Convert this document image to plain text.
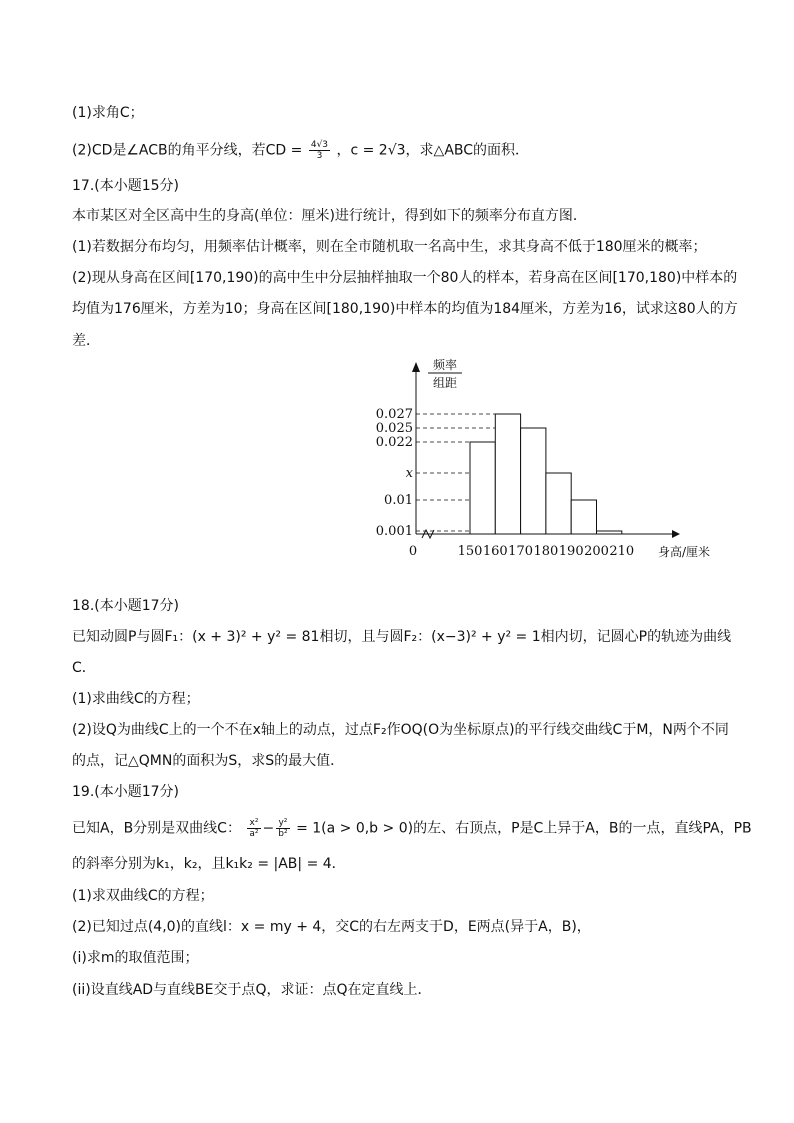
(1)求角C；
(2)CD是∠ACB的角平分线，若CD = $\frac{4√3}{3}$ ，c = 2√3，求△ABC的面积．
17.(本小题15分)
本市某区对全区高中生的身高(单位：厘米)进行统计，得到如下的频率分布直方图．
(1)若数据分布均匀，用频率估计概率，则在全市随机取一名高中生，求其身高不低于180厘米的概率；
(2)现从身高在区间[170,190)的高中生中分层抽样抽取一个80人的样本，若身高在区间[170,180)中样本的
均值为176厘米，方差为10；身高在区间[180,190)中样本的均值为184厘米，方差为16，试求这80人的方
差．
频率
组距
0	身高/厘米
0.027
0.025
0.022
x
0.01
0.001
150 160 170 180 190 200 210
18.(本小题17分)
已知动圆P与圆F₁：(x + 3)² + y² = 81相切，且与圆F₂：(x−3)² + y² = 1相内切，记圆心P的轨迹为曲线
C．
(1)求曲线C的方程；
(2)设Q为曲线C上的一个不在x轴上的动点，过点F₂作OQ(O为坐标原点)的平行线交曲线C于M，N两个不同
的点，记△QMN的面积为S，求S的最大值．
19.(本小题17分)
已知A，B分别是双曲线C： $\frac{\text{x²}}{\text{a²}} - \frac{\text{y²}}{\text{b²}} = 1(a > 0,b > 0)$的左、右顶点，P是C上异于A，B的一点，直线PA，PB
的斜率分别为k₁，k₂，且k₁k₂ = |AB| = 4．
(1)求双曲线C的方程；
(2)已知过点(4,0)的直线l：x = my + 4，交C的右左两支于D，E两点(异于A，B)，
(i)求m的取值范围；
(ii)设直线AD与直线BE交于点Q，求证：点Q在定直线上．
